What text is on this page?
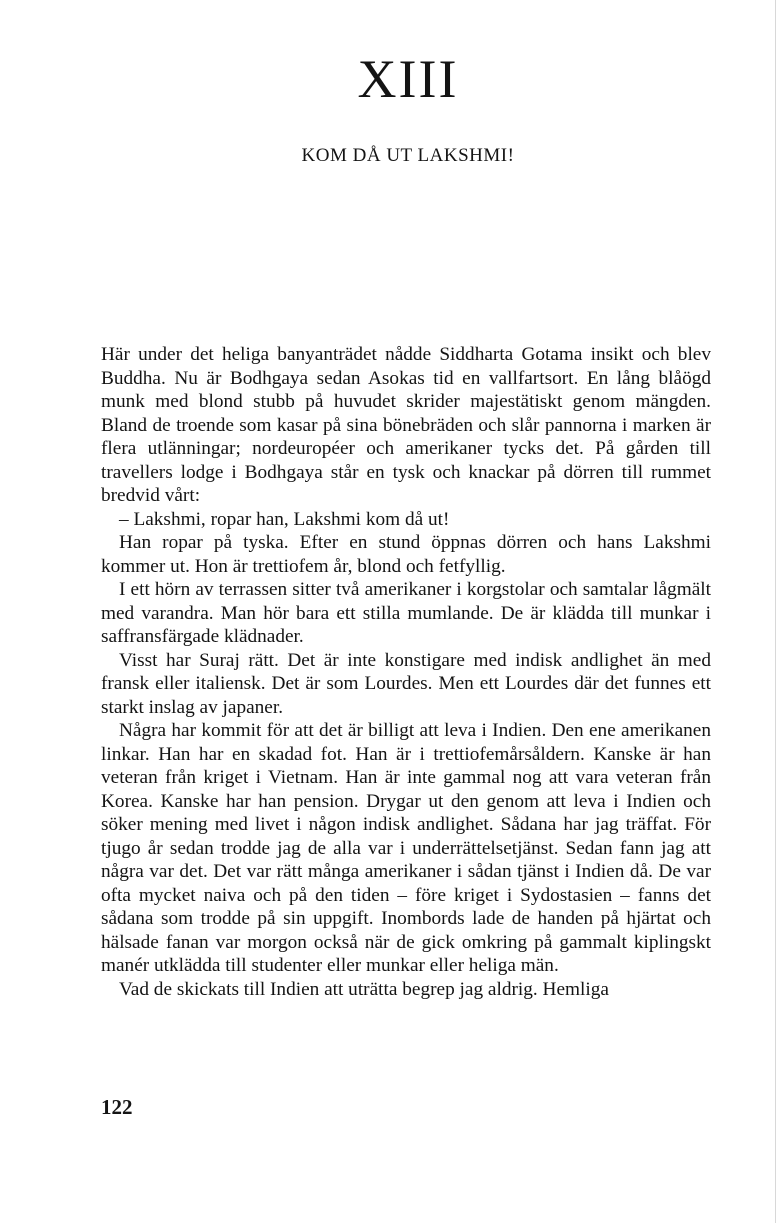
XIII
KOM DÅ UT LAKSHMI!

Här under det heliga banyanträdet nådde Siddharta Gotama insikt och blev Buddha. Nu är Bodhgaya sedan Asokas tid en vallfartsort. En lång blåögd munk med blond stubb på huvudet skrider majestätiskt genom mängden. Bland de troende som kasar på sina bönebräden och slår pannorna i marken är flera utlänningar; nordeuropéer och amerikaner tycks det. På gården till travellers lodge i Bodhgaya står en tysk och knackar på dörren till rummet bredvid vårt:

– Lakshmi, ropar han, Lakshmi kom då ut!

Han ropar på tyska. Efter en stund öppnas dörren och hans Lakshmi kommer ut. Hon är trettiofem år, blond och fetfyllig.

I ett hörn av terrassen sitter två amerikaner i korgstolar och samtalar lågmält med varandra. Man hör bara ett stilla mumlande. De är klädda till munkar i saffransfärgade klädnader.

Visst har Suraj rätt. Det är inte konstigare med indisk andlighet än med fransk eller italiensk. Det är som Lourdes. Men ett Lourdes där det funnes ett starkt inslag av japaner.

Några har kommit för att det är billigt att leva i Indien. Den ene amerikanen linkar. Han har en skadad fot. Han är i trettiofemårsåldern. Kanske är han veteran från kriget i Vietnam. Han är inte gammal nog att vara veteran från Korea. Kanske har han pension. Drygar ut den genom att leva i Indien och söker mening med livet i någon indisk andlighet. Sådana har jag träffat. För tjugo år sedan trodde jag de alla var i underrättelsetjänst. Sedan fann jag att några var det. Det var rätt många amerikaner i sådan tjänst i Indien då. De var ofta mycket naiva och på den tiden – före kriget i Sydostasien – fanns det sådana som trodde på sin uppgift. Inombords lade de handen på hjärtat och hälsade fanan var morgon också när de gick omkring på gammalt kiplingskt manér utklädda till studenter eller munkar eller heliga män.

Vad de skickats till Indien att uträtta begrep jag aldrig. Hemliga

122
